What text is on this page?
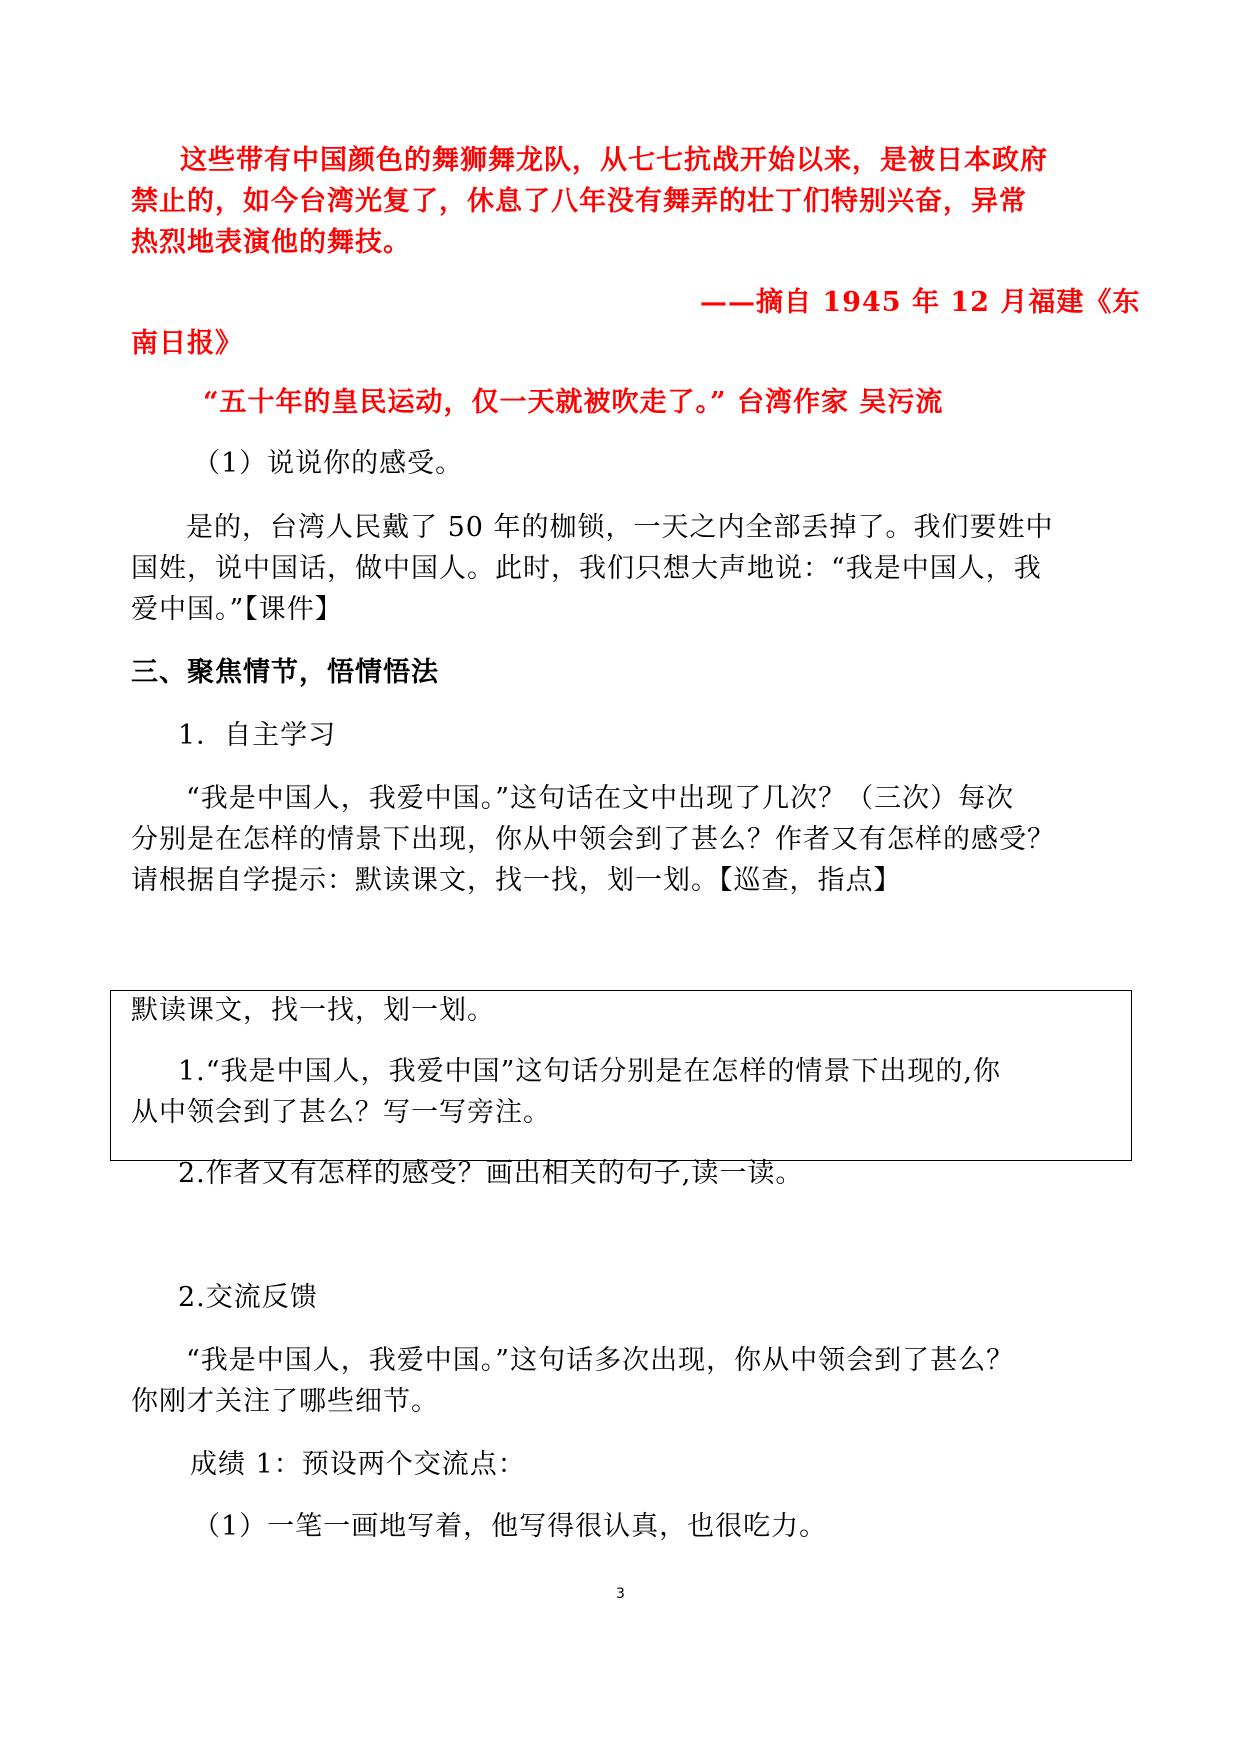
这些带有中国颜色的舞狮舞龙队，从七七抗战开始以来，是被日本政府

禁止的，如今台湾光复了，休息了八年没有舞弄的壮丁们特别兴奋，异常

热烈地表演他的舞技。

——摘自 1945 年 12 月福建《东

南日报》

“五十年的皇民运动，仅一天就被吹走了。” 台湾作家 吴污流

（1）说说你的感受。

是的，台湾人民戴了 50 年的枷锁，一天之内全部丢掉了。我们要姓中

国姓，说中国话，做中国人。此时，我们只想大声地说：“我是中国人，我

爱中国。”【课件】

三、聚焦情节，悟情悟法

1．自主学习

“我是中国人，我爱中国。”这句话在文中出现了几次？（三次）每次

分别是在怎样的情景下出现，你从中领会到了甚么？作者又有怎样的感受？

请根据自学提示：默读课文，找一找，划一划。【巡查，指点】

默读课文，找一找，划一划。

1.“我是中国人，我爱中国”这句话分别是在怎样的情景下出现的,你

从中领会到了甚么？写一写旁注。

2.作者又有怎样的感受？画出相关的句子,读一读。

2.交流反馈

“我是中国人，我爱中国。”这句话多次出现，你从中领会到了甚么？

你刚才关注了哪些细节。

成绩 1：预设两个交流点：

（1）一笔一画地写着，他写得很认真，也很吃力。

3
